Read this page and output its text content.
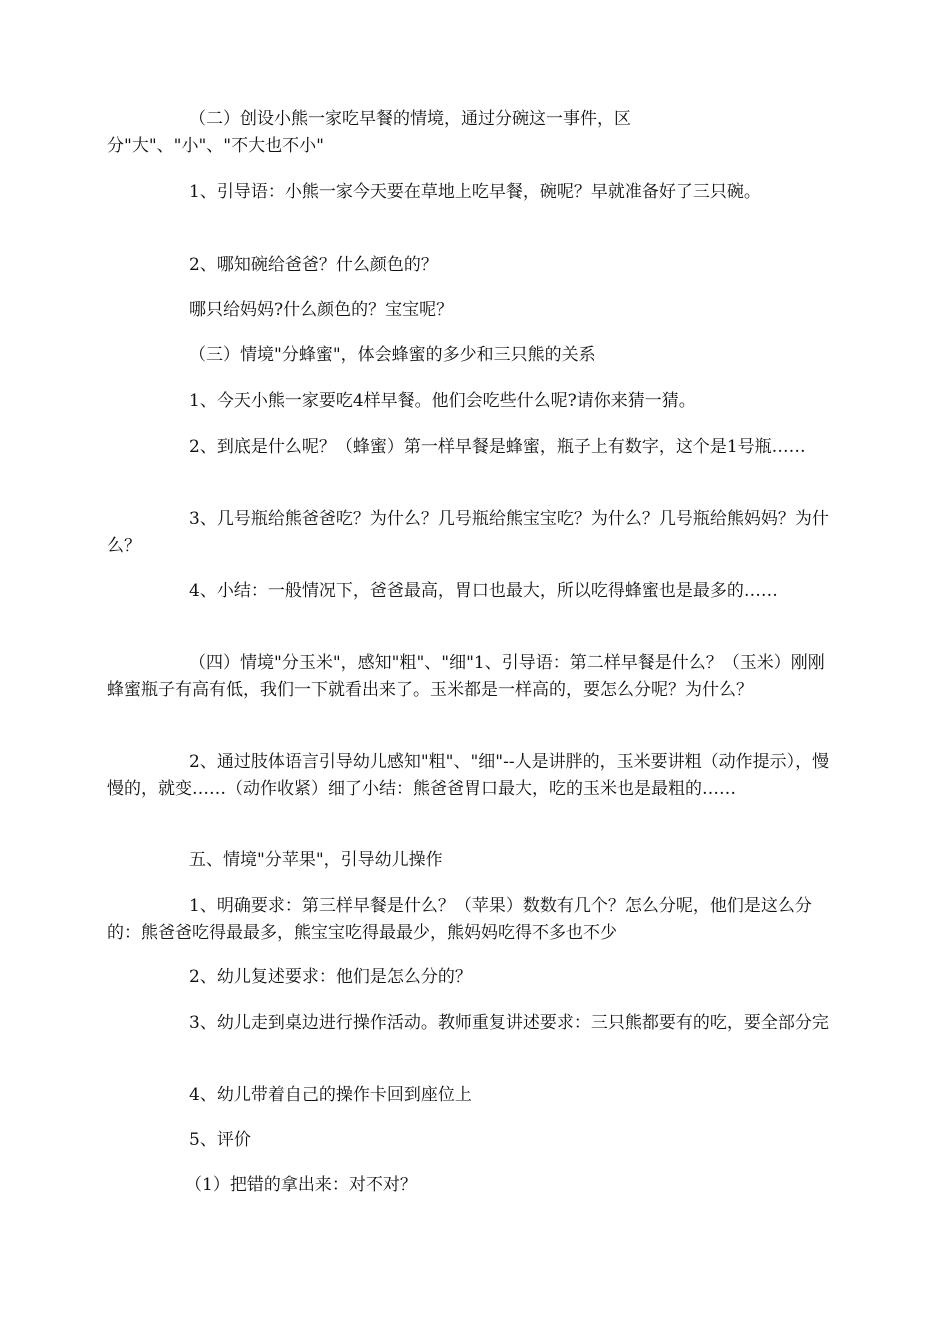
（二）创设小熊一家吃早餐的情境，通过分碗这一事件，区分"大"、"小"、"不大也不小"

1、引导语：小熊一家今天要在草地上吃早餐，碗呢？早就准备好了三只碗。

2、哪知碗给爸爸？什么颜色的？

哪只给妈妈?什么颜色的？宝宝呢？

（三）情境"分蜂蜜"，体会蜂蜜的多少和三只熊的关系

1、今天小熊一家要吃4样早餐。他们会吃些什么呢?请你来猜一猜。

2、到底是什么呢？（蜂蜜）第一样早餐是蜂蜜，瓶子上有数字，这个是1号瓶……

3、几号瓶给熊爸爸吃？为什么？几号瓶给熊宝宝吃？为什么？几号瓶给熊妈妈？为什么？

4、小结：一般情况下，爸爸最高，胃口也最大，所以吃得蜂蜜也是最多的……

（四）情境"分玉米"，感知"粗"、"细"1、引导语：第二样早餐是什么？（玉米）刚刚蜂蜜瓶子有高有低，我们一下就看出来了。玉米都是一样高的，要怎么分呢？为什么？

2、通过肢体语言引导幼儿感知"粗"、"细"--人是讲胖的，玉米要讲粗（动作提示），慢慢的，就变……（动作收紧）细了小结：熊爸爸胃口最大，吃的玉米也是最粗的……

五、情境"分苹果"，引导幼儿操作

1、明确要求：第三样早餐是什么？（苹果）数数有几个？怎么分呢，他们是这么分的：熊爸爸吃得最最多，熊宝宝吃得最最少，熊妈妈吃得不多也不少

2、幼儿复述要求：他们是怎么分的？

3、幼儿走到桌边进行操作活动。教师重复讲述要求：三只熊都要有的吃，要全部分完

4、幼儿带着自己的操作卡回到座位上

5、评价

（1）把错的拿出来：对不对？
